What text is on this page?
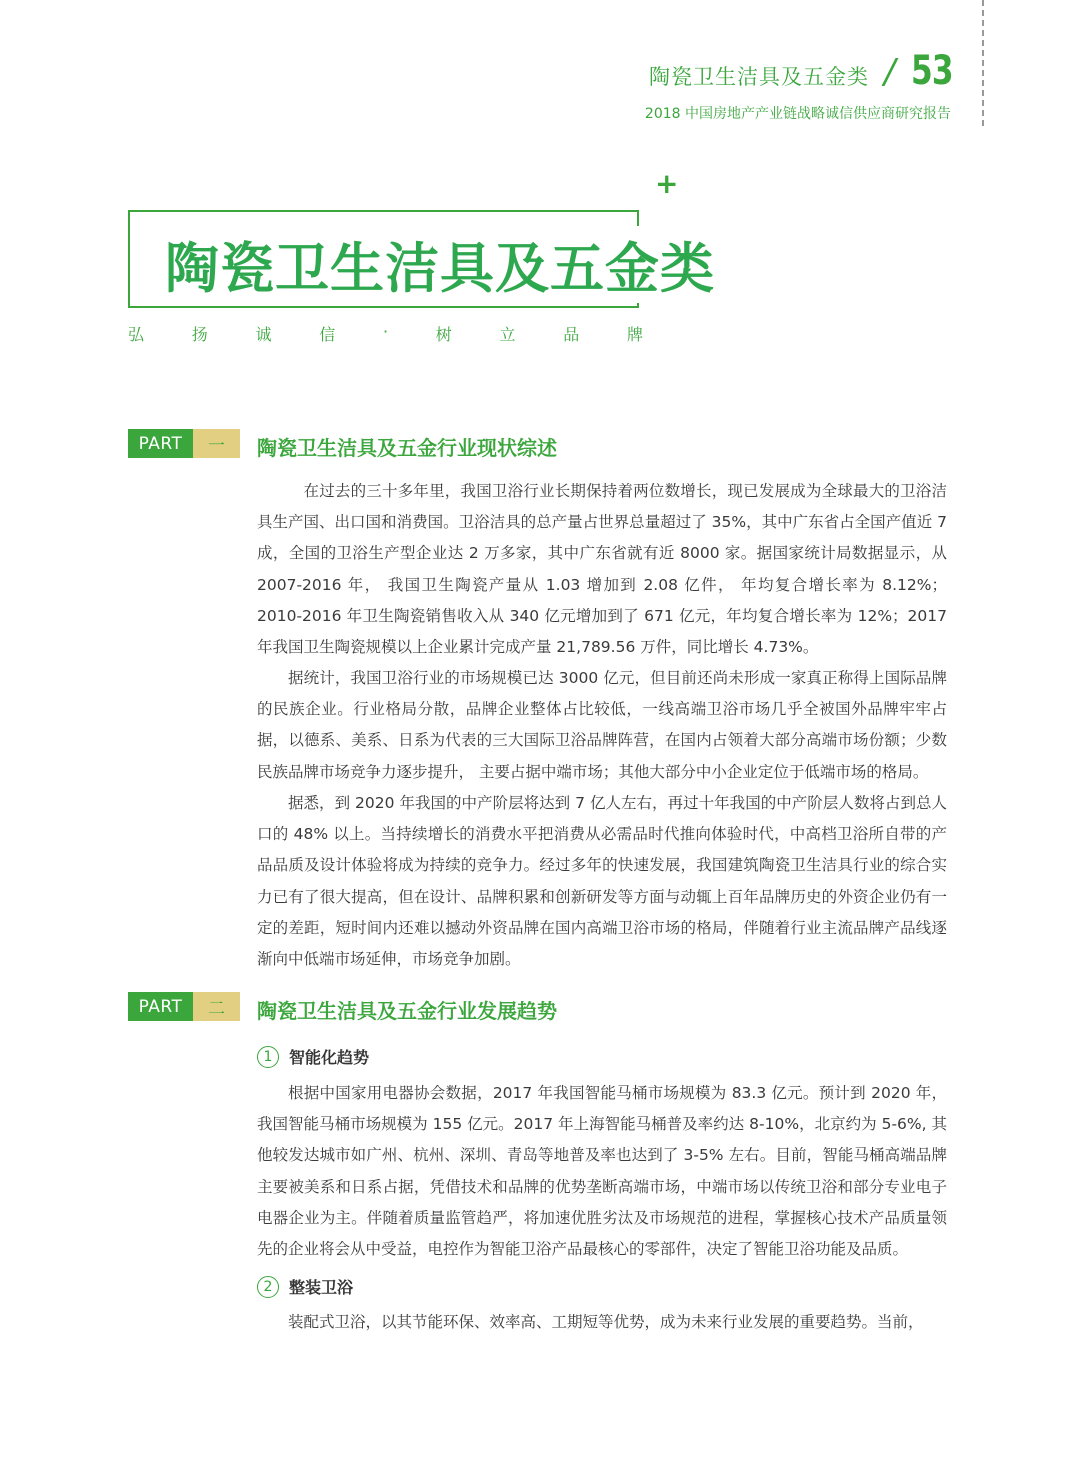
陶瓷卫生洁具及五金类 / 53
2018 中国房地产产业链战略诚信供应商研究报告
+
陶瓷卫生洁具及五金类
弘	扬	诚	信	·	树	立	品	牌
PART	一	陶瓷卫生洁具及五金行业现状综述

在过去的三十多年里，我国卫浴行业长期保持着两位数增长，现已发展成为全球最大的卫浴洁具生产国、出口国和消费国。卫浴洁具的总产量占世界总量超过了 35%，其中广东省占全国产值近 7 成，全国的卫浴生产型企业达 2 万多家，其中广东省就有近 8000 家。据国家统计局数据显示，从 2007-2016 年， 我国卫生陶瓷产量从 1.03 增加到 2.08 亿件， 年均复合增长率为 8.12%； 2010-2016 年卫生陶瓷销售收入从 340 亿元增加到了 671 亿元，年均复合增长率为 12%；2017 年我国卫生陶瓷规模以上企业累计完成产量 21,789.56 万件，同比增长 4.73%。

据统计，我国卫浴行业的市场规模已达 3000 亿元，但目前还尚未形成一家真正称得上国际品牌的民族企业。行业格局分散，品牌企业整体占比较低，一线高端卫浴市场几乎全被国外品牌牢牢占据，以德系、美系、日系为代表的三大国际卫浴品牌阵营，在国内占领着大部分高端市场份额；少数民族品牌市场竞争力逐步提升， 主要占据中端市场；其他大部分中小企业定位于低端市场的格局。

据悉，到 2020 年我国的中产阶层将达到 7 亿人左右，再过十年我国的中产阶层人数将占到总人口的 48% 以上。当持续增长的消费水平把消费从必需品时代推向体验时代，中高档卫浴所自带的产品品质及设计体验将成为持续的竞争力。经过多年的快速发展，我国建筑陶瓷卫生洁具行业的综合实力已有了很大提高，但在设计、品牌积累和创新研发等方面与动辄上百年品牌历史的外资企业仍有一定的差距，短时间内还难以撼动外资品牌在国内高端卫浴市场的格局，伴随着行业主流品牌产品线逐渐向中低端市场延伸，市场竞争加剧。

PART	二	陶瓷卫生洁具及五金行业发展趋势
1	智能化趋势

根据中国家用电器协会数据，2017 年我国智能马桶市场规模为 83.3 亿元。预计到 2020 年，我国智能马桶市场规模为 155 亿元。2017 年上海智能马桶普及率约达 8-10%，北京约为 5-6%, 其他较发达城市如广州、杭州、深圳、青岛等地普及率也达到了 3-5% 左右。目前，智能马桶高端品牌主要被美系和日系占据，凭借技术和品牌的优势垄断高端市场，中端市场以传统卫浴和部分专业电子电器企业为主。伴随着质量监管趋严，将加速优胜劣汰及市场规范的进程，掌握核心技术产品质量领先的企业将会从中受益，电控作为智能卫浴产品最核心的零部件，决定了智能卫浴功能及品质。

2	整装卫浴

装配式卫浴，以其节能环保、效率高、工期短等优势，成为未来行业发展的重要趋势。当前，
